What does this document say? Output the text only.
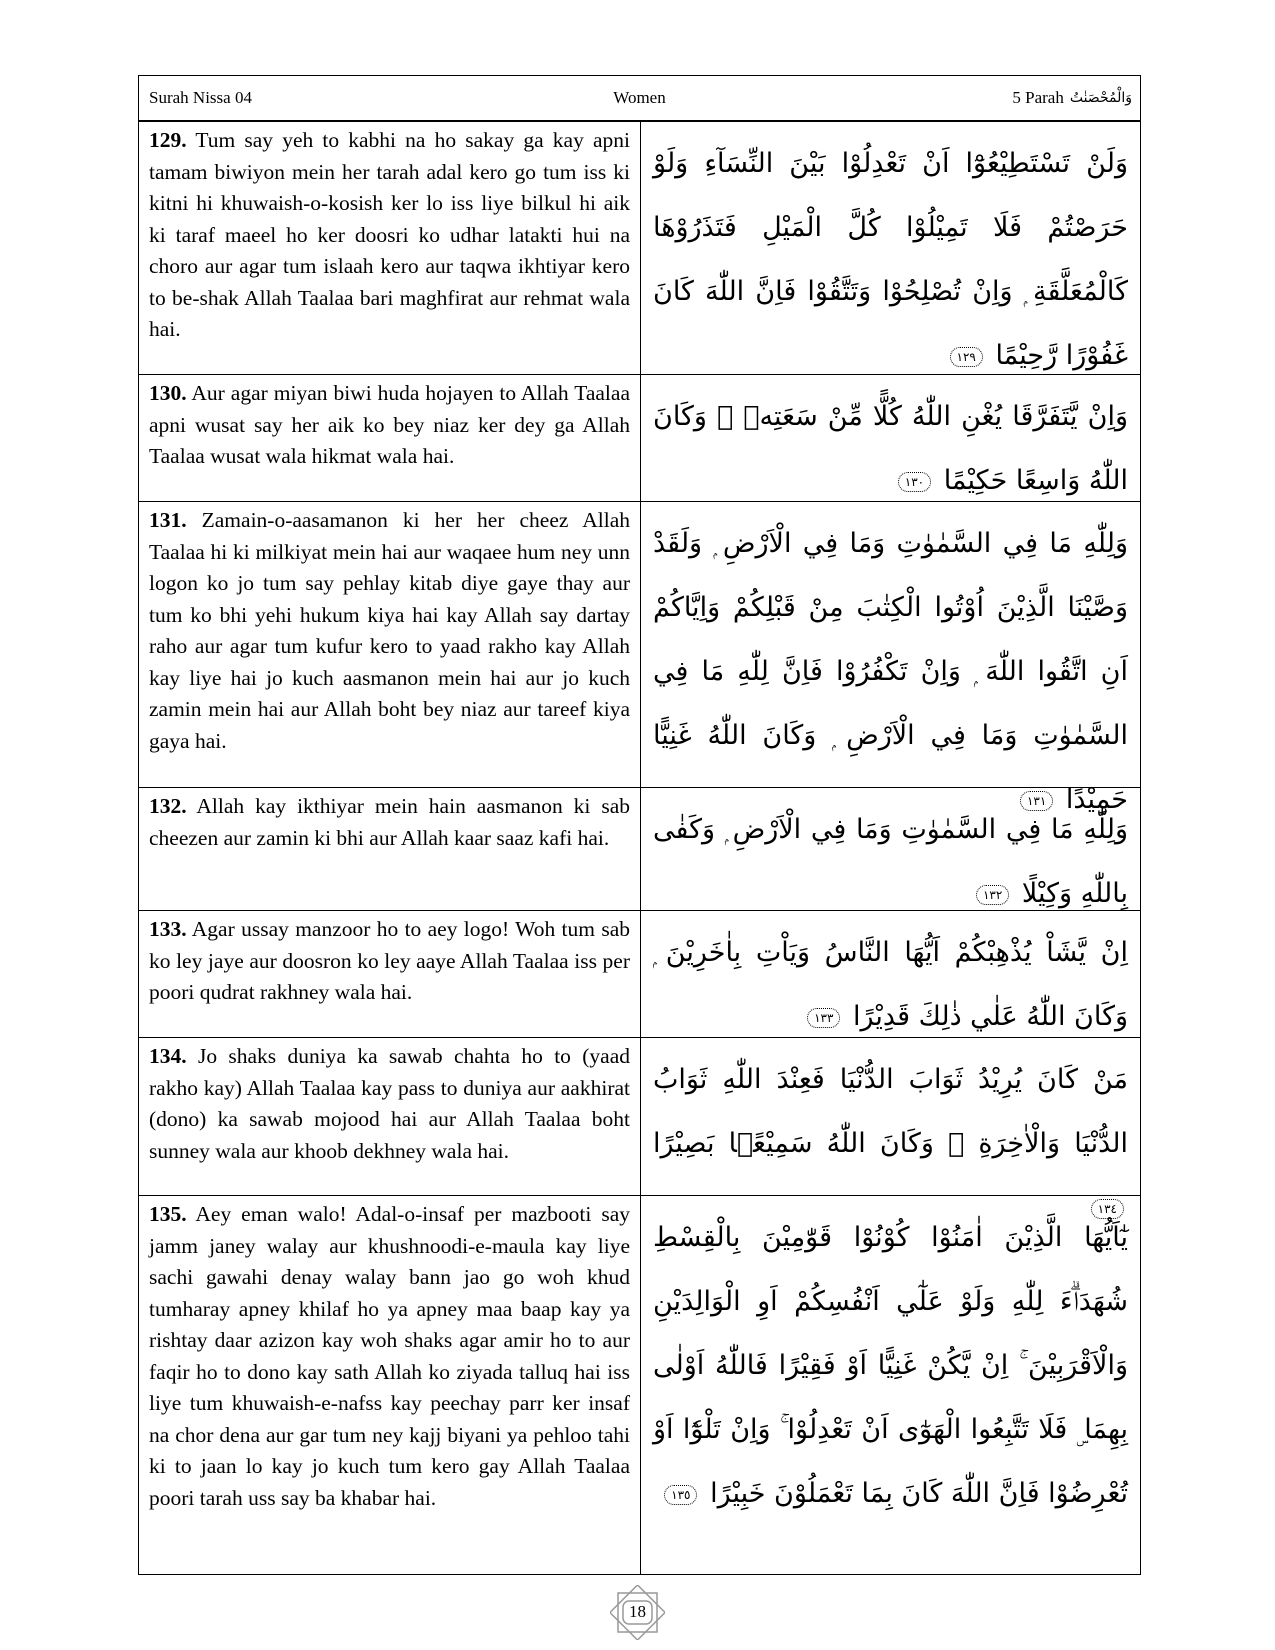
Surah Nissa 04	Women	5 Parah وَالْمُحْصَنٰتُ
129. Tum say yeh to kabhi na ho sakay ga kay apni tamam biwiyon mein her tarah adal kero go tum iss ki kitni hi khuwaish-o-kosish ker lo iss liye bilkul hi aik ki taraf maeel ho ker doosri ko udhar latakti hui na choro aur agar tum islaah kero aur taqwa ikhtiyar kero to be-shak Allah Taalaa bari maghfirat aur rehmat wala hai.
وَلَنْ تَسْتَطِيْعُوْٓا اَنْ تَعْدِلُوْا بَيْنَ النِّسَآءِ وَلَوْ حَرَصْتُمْ فَلَا تَمِيْلُوْا كُلَّ الْمَيْلِ فَتَذَرُوْهَا كَالْمُعَلَّقَةِ ۭ وَاِنْ تُصْلِحُوْا وَتَتَّقُوْا فَاِنَّ اللّٰهَ كَانَ غَفُوْرًا رَّحِيْمًا ١٢٩
130. Aur agar miyan biwi huda hojayen to Allah Taalaa apni wusat say her aik ko bey niaz ker dey ga Allah Taalaa wusat wala hikmat wala hai.
وَاِنْ يَّتَفَرَّقَا يُغْنِ اللّٰهُ كُلًّا مِّنْ سَعَتِهٖ ۭ وَكَانَ اللّٰهُ وَاسِعًا حَكِيْمًا ١٣٠
131. Zamain-o-aasamanon ki her her cheez Allah Taalaa hi ki milkiyat mein hai aur waqaee hum ney unn logon ko jo tum say pehlay kitab diye gaye thay aur tum ko bhi yehi hukum kiya hai kay Allah say dartay raho aur agar tum kufur kero to yaad rakho kay Allah kay liye hai jo kuch aasmanon mein hai aur jo kuch zamin mein hai aur Allah boht bey niaz aur tareef kiya gaya hai.
وَلِلّٰهِ مَا فِي السَّمٰوٰتِ وَمَا فِي الْاَرْضِ ۭ وَلَقَدْ وَصَّيْنَا الَّذِيْنَ اُوْتُوا الْكِتٰبَ مِنْ قَبْلِكُمْ وَاِيَّاكُمْ اَنِ اتَّقُوا اللّٰهَ ۭ وَاِنْ تَكْفُرُوْا فَاِنَّ لِلّٰهِ مَا فِي السَّمٰوٰتِ وَمَا فِي الْاَرْضِ ۭ وَكَانَ اللّٰهُ غَنِيًّا حَمِيْدًا ١٣١
132. Allah kay ikthiyar mein hain aasmanon ki sab cheezen aur zamin ki bhi aur Allah kaar saaz kafi hai.	وَلِلّٰهِ مَا فِي السَّمٰوٰتِ وَمَا فِي الْاَرْضِ ۭ وَكَفٰى بِاللّٰهِ وَكِيْلًا ١٣٢
133. Agar ussay manzoor ho to aey logo! Woh tum sab ko ley jaye aur doosron ko ley aaye Allah Taalaa iss per poori qudrat rakhney wala hai.
اِنْ يَّشَاْ يُذْهِبْكُمْ اَيُّهَا النَّاسُ وَيَاْتِ بِاٰخَرِيْنَ ۭ وَكَانَ اللّٰهُ عَلٰي ذٰلِكَ قَدِيْرًا ١٣٣
134. Jo shaks duniya ka sawab chahta ho to (yaad rakho kay) Allah Taalaa kay pass to duniya aur aakhirat (dono) ka sawab mojood hai aur Allah Taalaa boht sunney wala aur khoob dekhney wala hai.
مَنْ كَانَ يُرِيْدُ ثَوَابَ الدُّنْيَا فَعِنْدَ اللّٰهِ ثَوَابُ الدُّنْيَا وَالْاٰخِرَةِ ۭ وَكَانَ اللّٰهُ سَمِيْعًۢا بَصِيْرًا ١٣٤
135. Aey eman walo! Adal-o-insaf per mazbooti say jamm janey walay aur khushnoodi-e-maula kay liye sachi gawahi denay walay bann jao go woh khud tumharay apney khilaf ho ya apney maa baap kay ya rishtay daar azizon kay woh shaks agar amir ho to aur faqir ho to dono kay sath Allah ko ziyada talluq hai iss liye tum khuwaish-e-nafss kay peechay parr ker insaf na chor dena aur gar tum ney kajj biyani ya pehloo tahi ki to jaan lo kay jo kuch tum kero gay Allah Taalaa poori tarah uss say ba khabar hai.
يٰٓاَيُّهَا الَّذِيْنَ اٰمَنُوْا كُوْنُوْا قَوّٰمِيْنَ بِالْقِسْطِ شُهَدَاۗءَ لِلّٰهِ وَلَوْ عَلٰٓي اَنْفُسِكُمْ اَوِ الْوَالِدَيْنِ وَالْاَقْرَبِيْنَ ۚ اِنْ يَّكُنْ غَنِيًّا اَوْ فَقِيْرًا فَاللّٰهُ اَوْلٰى بِهِمَا ۣ فَلَا تَتَّبِعُوا الْهَوٰٓى اَنْ تَعْدِلُوْا ۚ وَاِنْ تَلْوٗٓا اَوْ تُعْرِضُوْا فَاِنَّ اللّٰهَ كَانَ بِمَا تَعْمَلُوْنَ خَبِيْرًا ١٣٥
18
